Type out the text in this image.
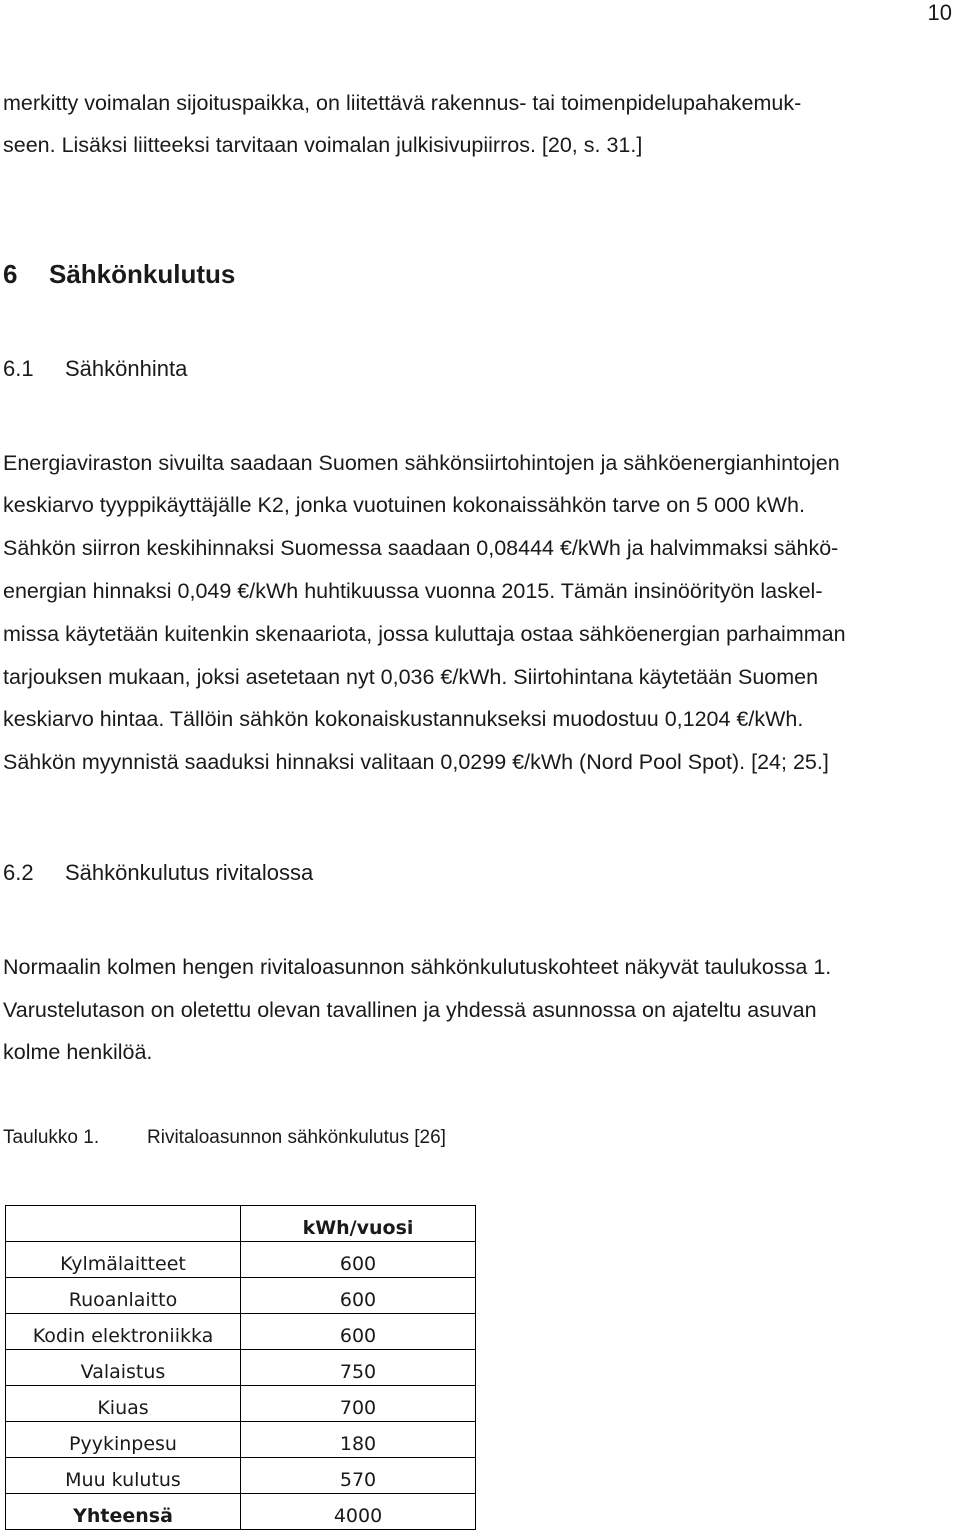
10
merkitty voimalan sijoituspaikka, on liitettävä rakennus- tai toimenpidelupahakemuk-
seen. Lisäksi liitteeksi tarvitaan voimalan julkisivupiirros. [20, s. 31.]
6 Sähkönkulutus
6.1 Sähkönhinta
Energiaviraston sivuilta saadaan Suomen sähkönsiirtohintojen ja sähköenergianhintojen
keskiarvo tyyppikäyttäjälle K2, jonka vuotuinen kokonaissähkön tarve on 5 000 kWh.
Sähkön siirron keskihinnaksi Suomessa saadaan 0,08444 €/kWh ja halvimmaksi sähkö-
energian hinnaksi 0,049 €/kWh huhtikuussa vuonna 2015. Tämän insinöörityön laskel-
missa käytetään kuitenkin skenaariota, jossa kuluttaja ostaa sähköenergian parhaimman
tarjouksen mukaan, joksi asetetaan nyt 0,036 €/kWh. Siirtohintana käytetään Suomen
keskiarvo hintaa. Tällöin sähkön kokonaiskustannukseksi muodostuu 0,1204 €/kWh.
Sähkön myynnistä saaduksi hinnaksi valitaan 0,0299 €/kWh (Nord Pool Spot). [24; 25.]
6.2 Sähkönkulutus rivitalossa
Normaalin kolmen hengen rivitaloasunnon sähkönkulutuskohteet näkyvät taulukossa 1.
Varustelutason on oletettu olevan tavallinen ja yhdessä asunnossa on ajateltu asuvan
kolme henkilöä.
Taulukko 1.	Rivitaloasunnon sähkönkulutus [26]
	kWh/vuosi
Kylmälaitteet	600
Ruoanlaitto	600
Kodin elektroniikka	600
Valaistus	750
Kiuas	700
Pyykinpesu	180
Muu kulutus	570
Yhteensä	4000
